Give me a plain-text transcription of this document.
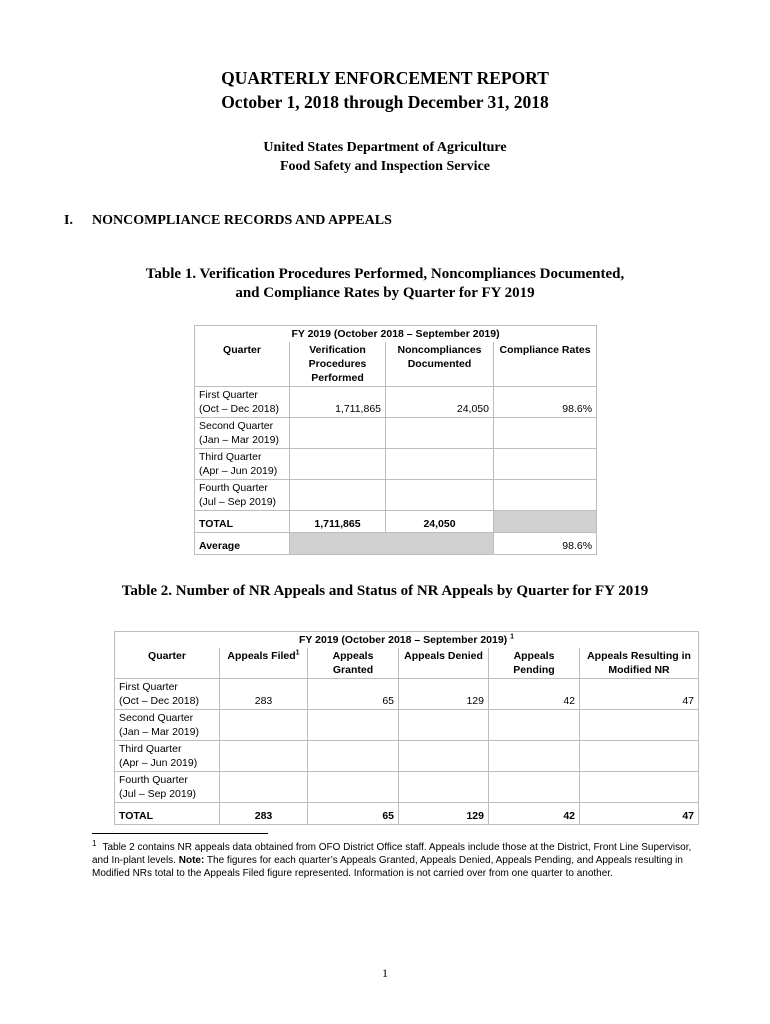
QUARTERLY ENFORCEMENT REPORT
October 1, 2018 through December 31, 2018
United States Department of Agriculture
Food Safety and Inspection Service
I. NONCOMPLIANCE RECORDS AND APPEALS
Table 1. Verification Procedures Performed, Noncompliances Documented,
and Compliance Rates by Quarter for FY 2019
FY 2019 (October 2018 – September 2019)			
Quarter	Verification Procedures Performed	Noncompliances Documented	Compliance Rates

First Quarter
(Oct – Dec 2018)	1,711,865	24,050	98.6%

Second Quarter
(Jan – Mar 2019)			

Third Quarter
(Apr – Jun 2019)			

Fourth Quarter
(Jul – Sep 2019)			

TOTAL	1,711,865	24,050	
Average			98.6%
Table 2. Number of NR Appeals and Status of NR Appeals by Quarter for FY 2019
FY 2019 (October 2018 – September 2019) $^1$
Quarter	Appeals Filed$^1$	Appeals Granted	Appeals Denied	Appeals Pending	Appeals Resulting in Modified NR

First Quarter
(Oct – Dec 2018)	283	65	129	42	47

Second Quarter
(Jan – Mar 2019)					

Third Quarter
(Apr – Jun 2019)					

Fourth Quarter
(Jul – Sep 2019)					

TOTAL	283	65	129	42	47
$^1$ Table 2 contains NR appeals data obtained from OFO District Office staff. Appeals include those at the District, Front Line Supervisor, and In-plant levels. Note: The figures for each quarter’s Appeals Granted, Appeals Denied, Appeals Pending, and Appeals resulting in Modified NRs total to the Appeals Filed figure represented. Information is not carried over from one quarter to another.
1
